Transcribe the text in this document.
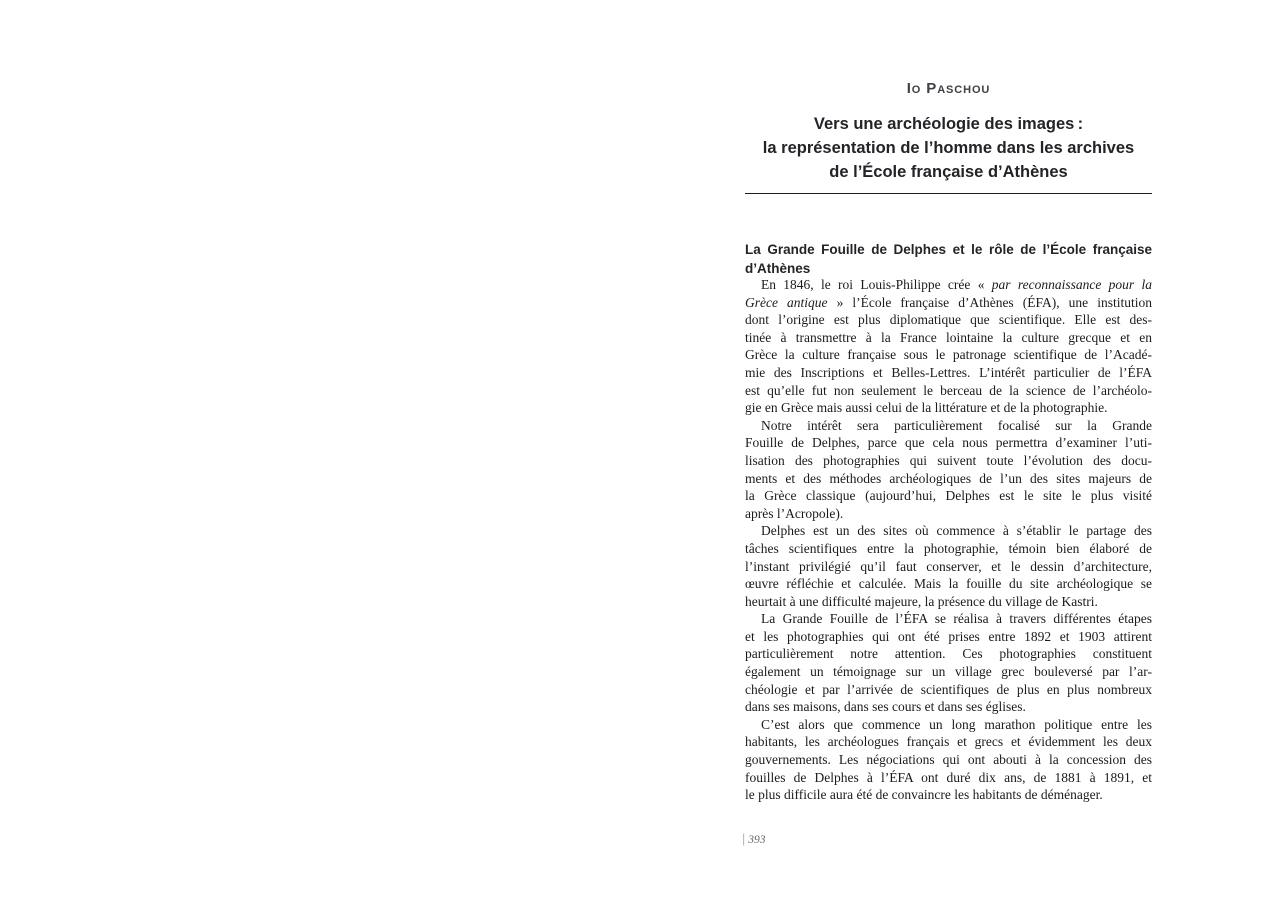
Io Paschou
Vers une archéologie des images :
la représentation de l’homme dans les archives
de l’École française d’Athènes
La Grande Fouille de Delphes et le rôle de l’École française
d’Athènes
En 1846, le roi Louis-Philippe crée « par reconnaissance pour la
Grèce antique » l’École française d’Athènes (ÉFA), une institution
dont l’origine est plus diplomatique que scientifique. Elle est des-
tinée à transmettre à la France lointaine la culture grecque et en
Grèce la culture française sous le patronage scientifique de l’Acadé-
mie des Inscriptions et Belles-Lettres. L’intérêt particulier de l’ÉFA
est qu’elle fut non seulement le berceau de la science de l’archéolo-
gie en Grèce mais aussi celui de la littérature et de la photographie.
Notre intérêt sera particulièrement focalisé sur la Grande
Fouille de Delphes, parce que cela nous permettra d’examiner l’uti-
lisation des photographies qui suivent toute l’évolution des docu-
ments et des méthodes archéologiques de l’un des sites majeurs de
la Grèce classique (aujourd’hui, Delphes est le site le plus visité
après l’Acropole).
Delphes est un des sites où commence à s’établir le partage des
tâches scientifiques entre la photographie, témoin bien élaboré de
l’instant privilégié qu’il faut conserver, et le dessin d’architecture,
œuvre réfléchie et calculée. Mais la fouille du site archéologique se
heurtait à une difficulté majeure, la présence du village de Kastri.
La Grande Fouille de l’ÉFA se réalisa à travers différentes étapes
et les photographies qui ont été prises entre 1892 et 1903 attirent
particulièrement notre attention. Ces photographies constituent
également un témoignage sur un village grec bouleversé par l’ar-
chéologie et par l’arrivée de scientifiques de plus en plus nombreux
dans ses maisons, dans ses cours et dans ses églises.
C’est alors que commence un long marathon politique entre les
habitants, les archéologues français et grecs et évidemment les deux
gouvernements. Les négociations qui ont abouti à la concession des
fouilles de Delphes à l’ÉFA ont duré dix ans, de 1881 à 1891, et
le plus difficile aura été de convaincre les habitants de déménager.
| 393
